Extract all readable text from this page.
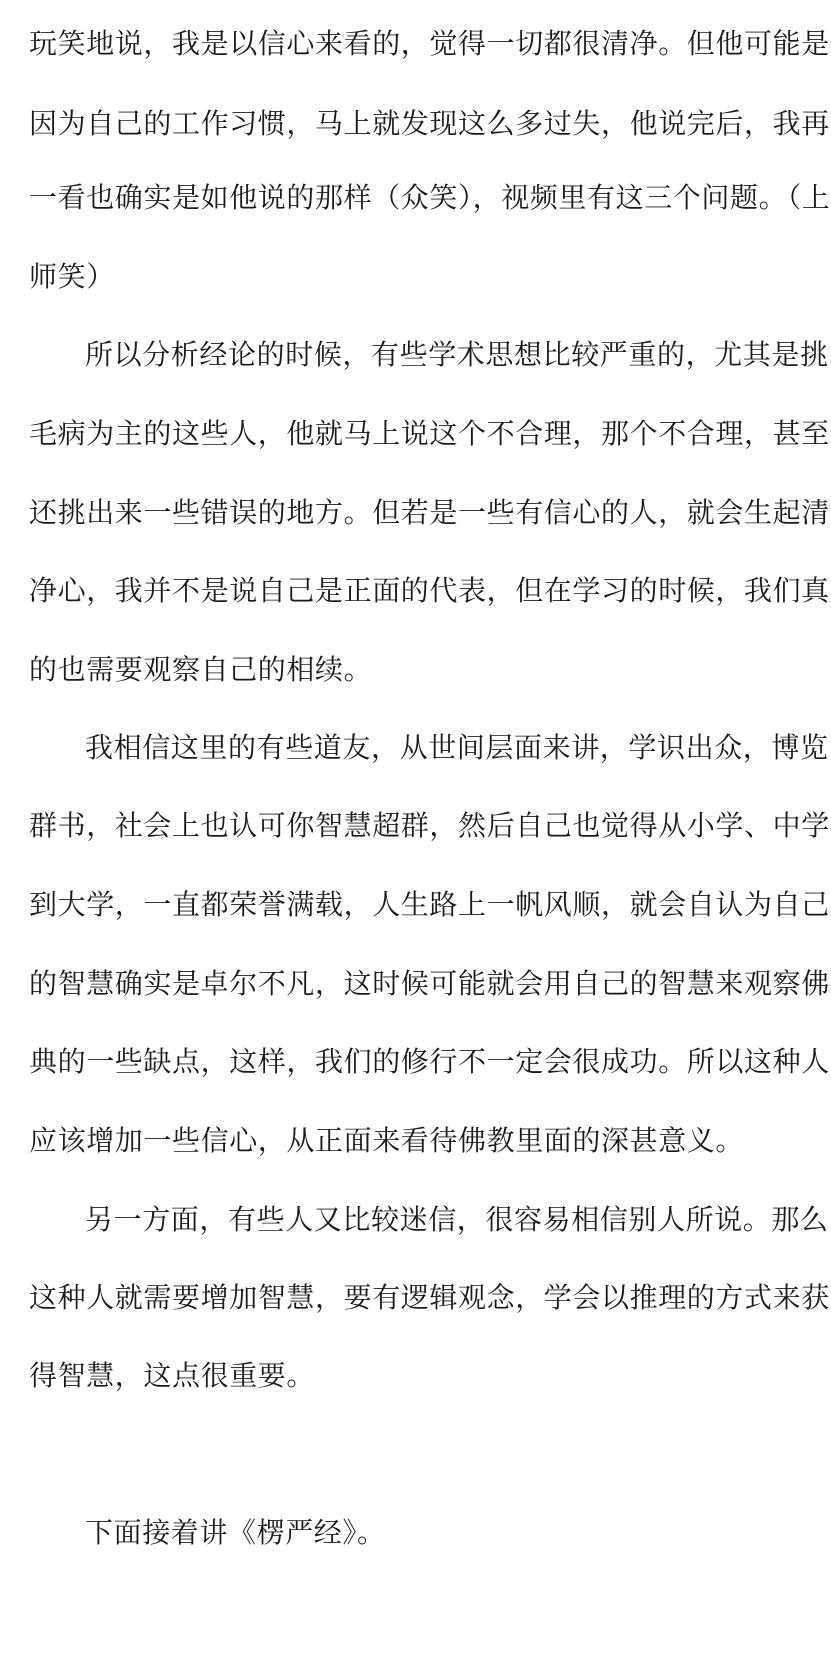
玩笑地说，我是以信心来看的，觉得一切都很清净。但他可能是
因为自己的工作习惯，马上就发现这么多过失，他说完后，我再
一看也确实是如他说的那样（众笑），视频里有这三个问题。（上
师笑）
所以分析经论的时候，有些学术思想比较严重的，尤其是挑
毛病为主的这些人，他就马上说这个不合理，那个不合理，甚至
还挑出来一些错误的地方。但若是一些有信心的人，就会生起清
净心，我并不是说自己是正面的代表，但在学习的时候，我们真
的也需要观察自己的相续。
我相信这里的有些道友，从世间层面来讲，学识出众，博览
群书，社会上也认可你智慧超群，然后自己也觉得从小学、中学
到大学，一直都荣誉满载，人生路上一帆风顺，就会自认为自己
的智慧确实是卓尔不凡，这时候可能就会用自己的智慧来观察佛
典的一些缺点，这样，我们的修行不一定会很成功。所以这种人
应该增加一些信心，从正面来看待佛教里面的深甚意义。
另一方面，有些人又比较迷信，很容易相信别人所说。那么
这种人就需要增加智慧，要有逻辑观念，学会以推理的方式来获
得智慧，这点很重要。
下面接着讲《楞严经》。
